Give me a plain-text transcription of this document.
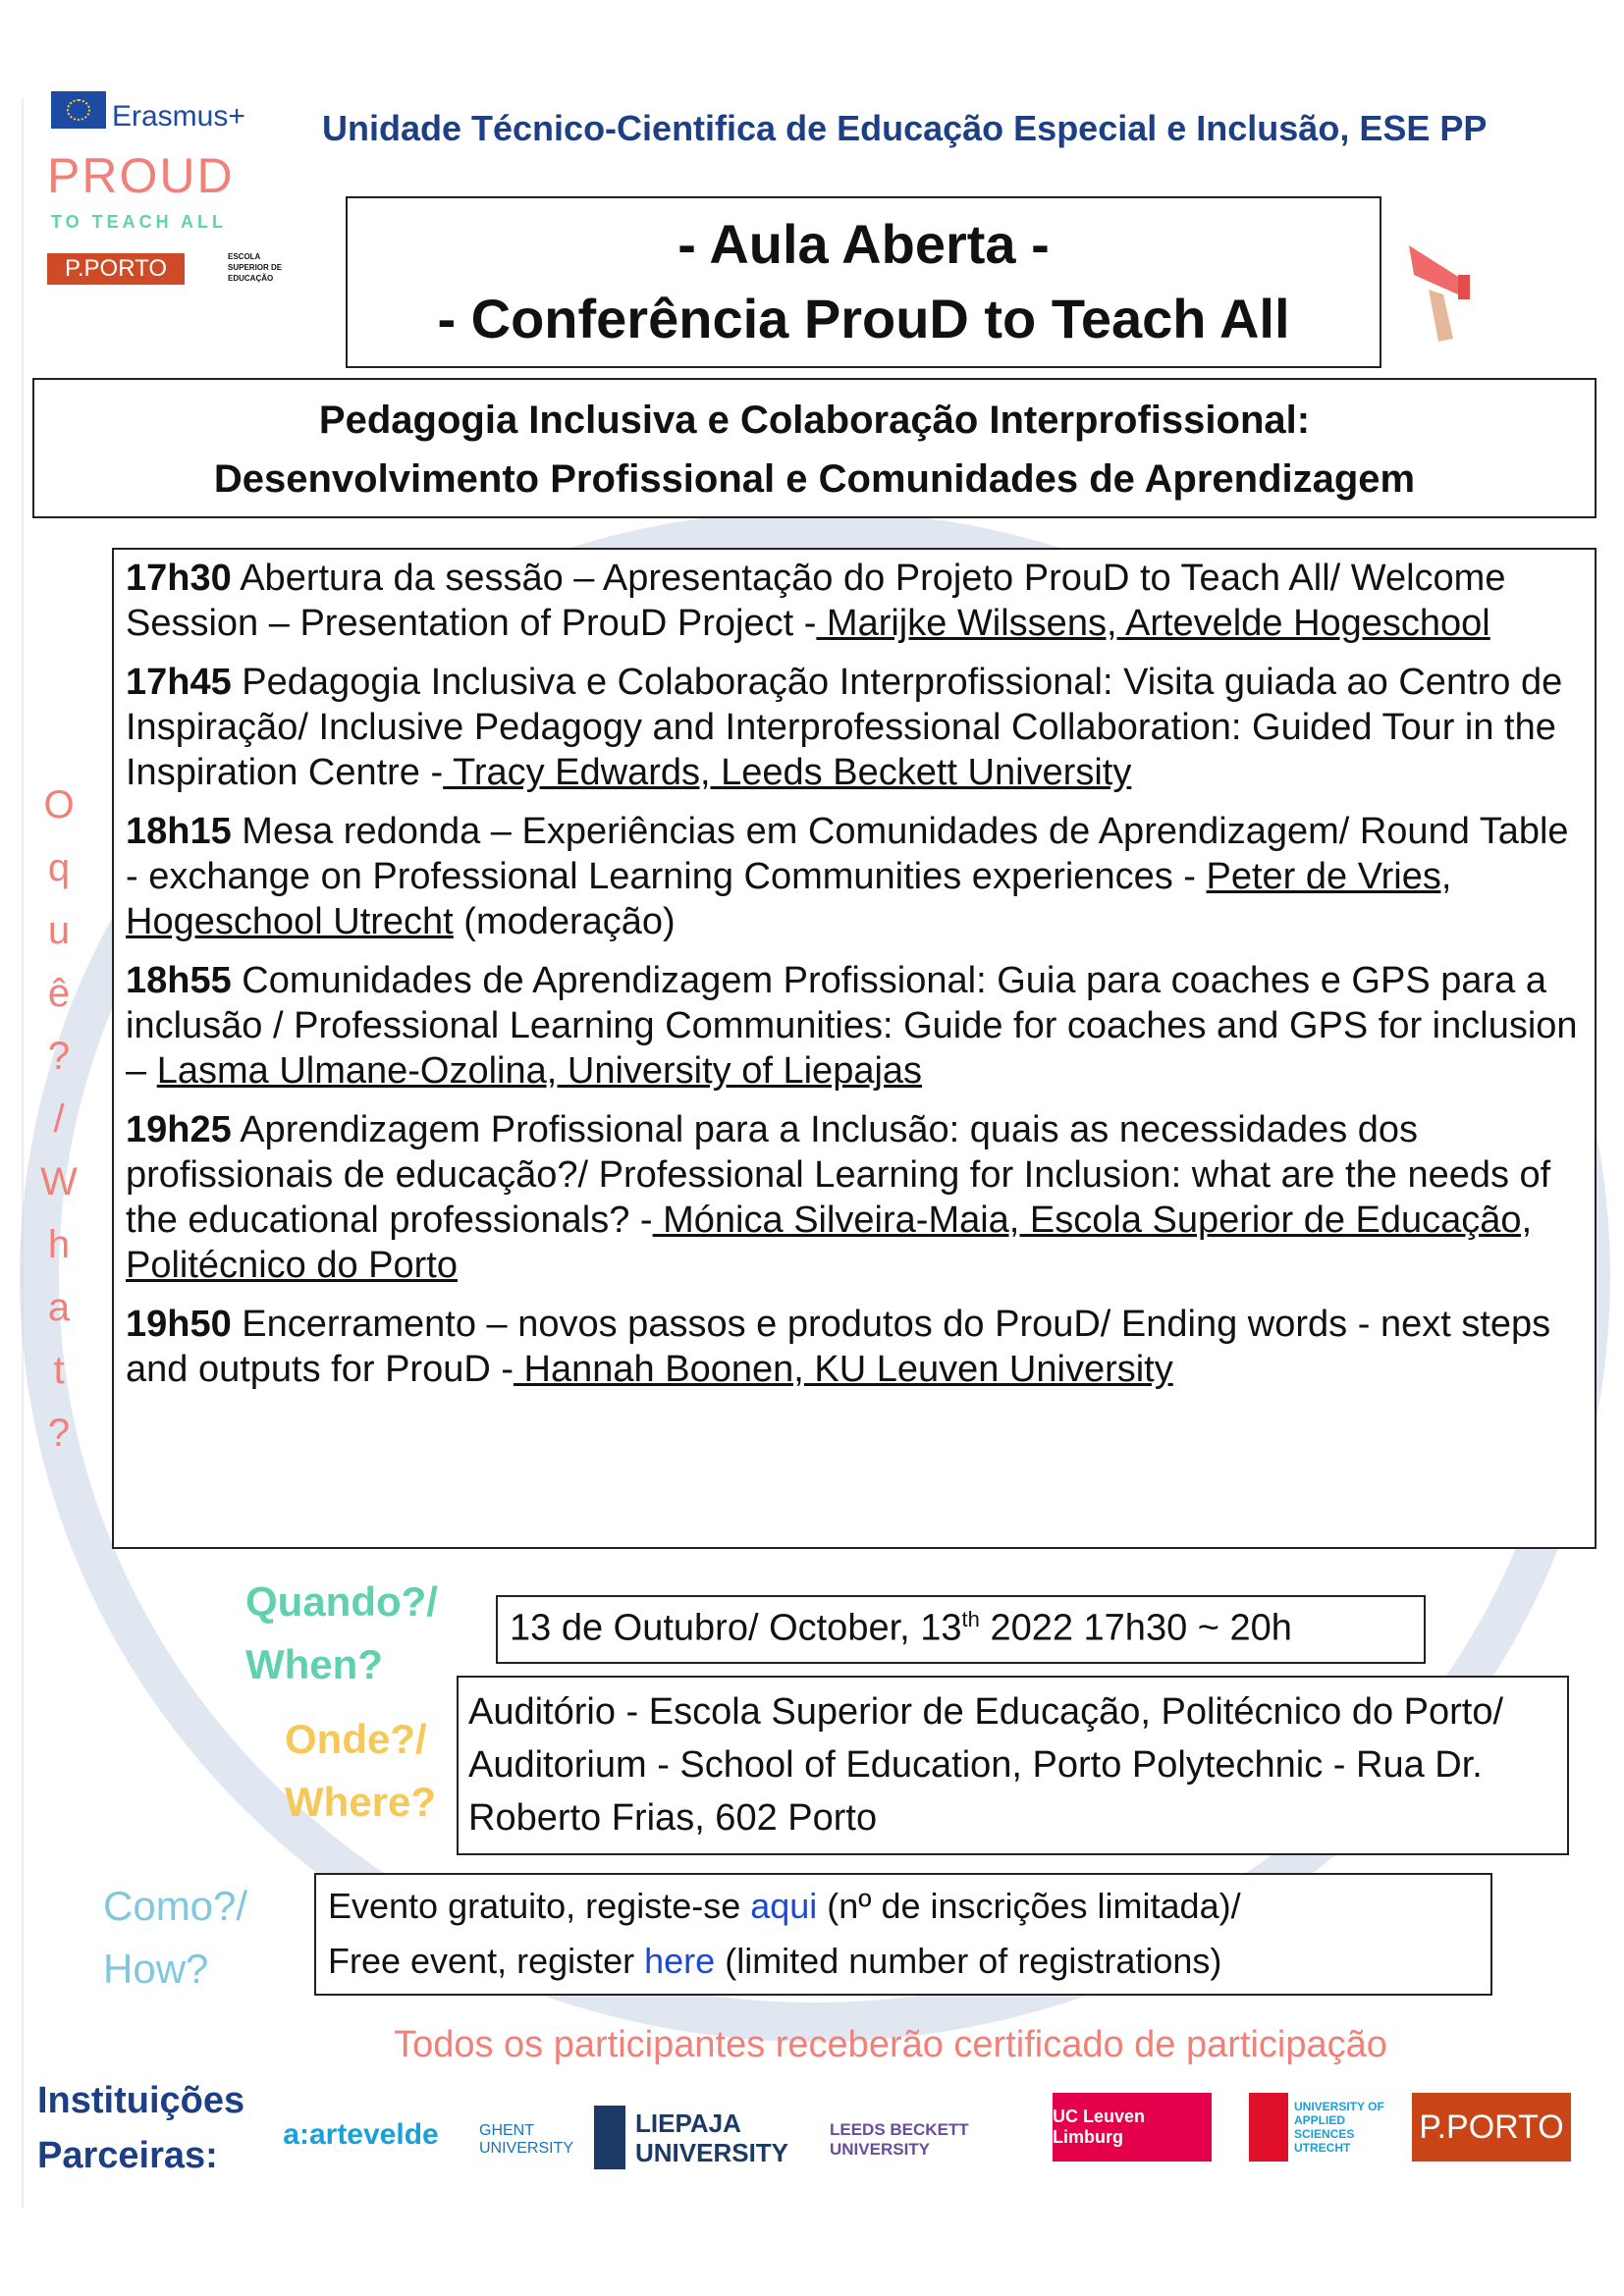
Erasmus+
PROUD
TO TEACH ALL
P.PORTO	ESCOLA SUPERIOR DE EDUCAÇÃO
Unidade Técnico-Cientifica de Educação Especial e Inclusão, ESE PP
- Aula Aberta -
- Conferência ProuD to Teach All
Pedagogia Inclusiva e Colaboração Interprofissional:
Desenvolvimento Profissional e Comunidades de Aprendizagem
O
q
u
ê
?
/
W
h
a
t
?

17h30 Abertura da sessão – Apresentação do Projeto ProuD to Teach All/ Welcome Session – Presentation of ProuD Project - Marijke Wilssens, Artevelde Hogeschool

17h45 Pedagogia Inclusiva e Colaboração Interprofissional: Visita guiada ao Centro de Inspiração/ Inclusive Pedagogy and Interprofessional Collaboration: Guided Tour in the Inspiration Centre - Tracy Edwards, Leeds Beckett University

18h15 Mesa redonda – Experiências em Comunidades de Aprendizagem/ Round Table - exchange on Professional Learning Communities experiences - Peter de Vries, Hogeschool Utrecht (moderação)

18h55 Comunidades de Aprendizagem Profissional: Guia para coaches e GPS para a inclusão / Professional Learning Communities: Guide for coaches and GPS for inclusion – Lasma Ulmane-Ozolina, University of Liepajas

19h25 Aprendizagem Profissional para a Inclusão: quais as necessidades dos profissionais de educação?/ Professional Learning for Inclusion: what are the needs of the educational professionals? - Mónica Silveira-Maia, Escola Superior de Educação, Politécnico do Porto

19h50 Encerramento – novos passos e produtos do ProuD/ Ending words - next steps and outputs for ProuD - Hannah Boonen, KU Leuven University

Quando?/
When?
13 de Outubro/ October, 13th 2022 17h30 ~ 20h
Onde?/
Where?
Auditório - Escola Superior de Educação, Politécnico do Porto/ Auditorium - School of Education, Porto Polytechnic - Rua Dr. Roberto Frias, 602 Porto
Como?/
How?
Evento gratuito, registe-se aqui (nº de inscrições limitada)/
Free event, register here (limited number of registrations)
Todos os participantes receberão certificado de participação
Instituições
Parceiras:
a:artevelde	GHENT UNIVERSITY
LIEPAJA UNIVERSITY
LEEDS BECKETT UNIVERSITY
UC Leuven Limburg
UNIVERSITY OF APPLIED SCIENCES UTRECHT
P.PORTO
